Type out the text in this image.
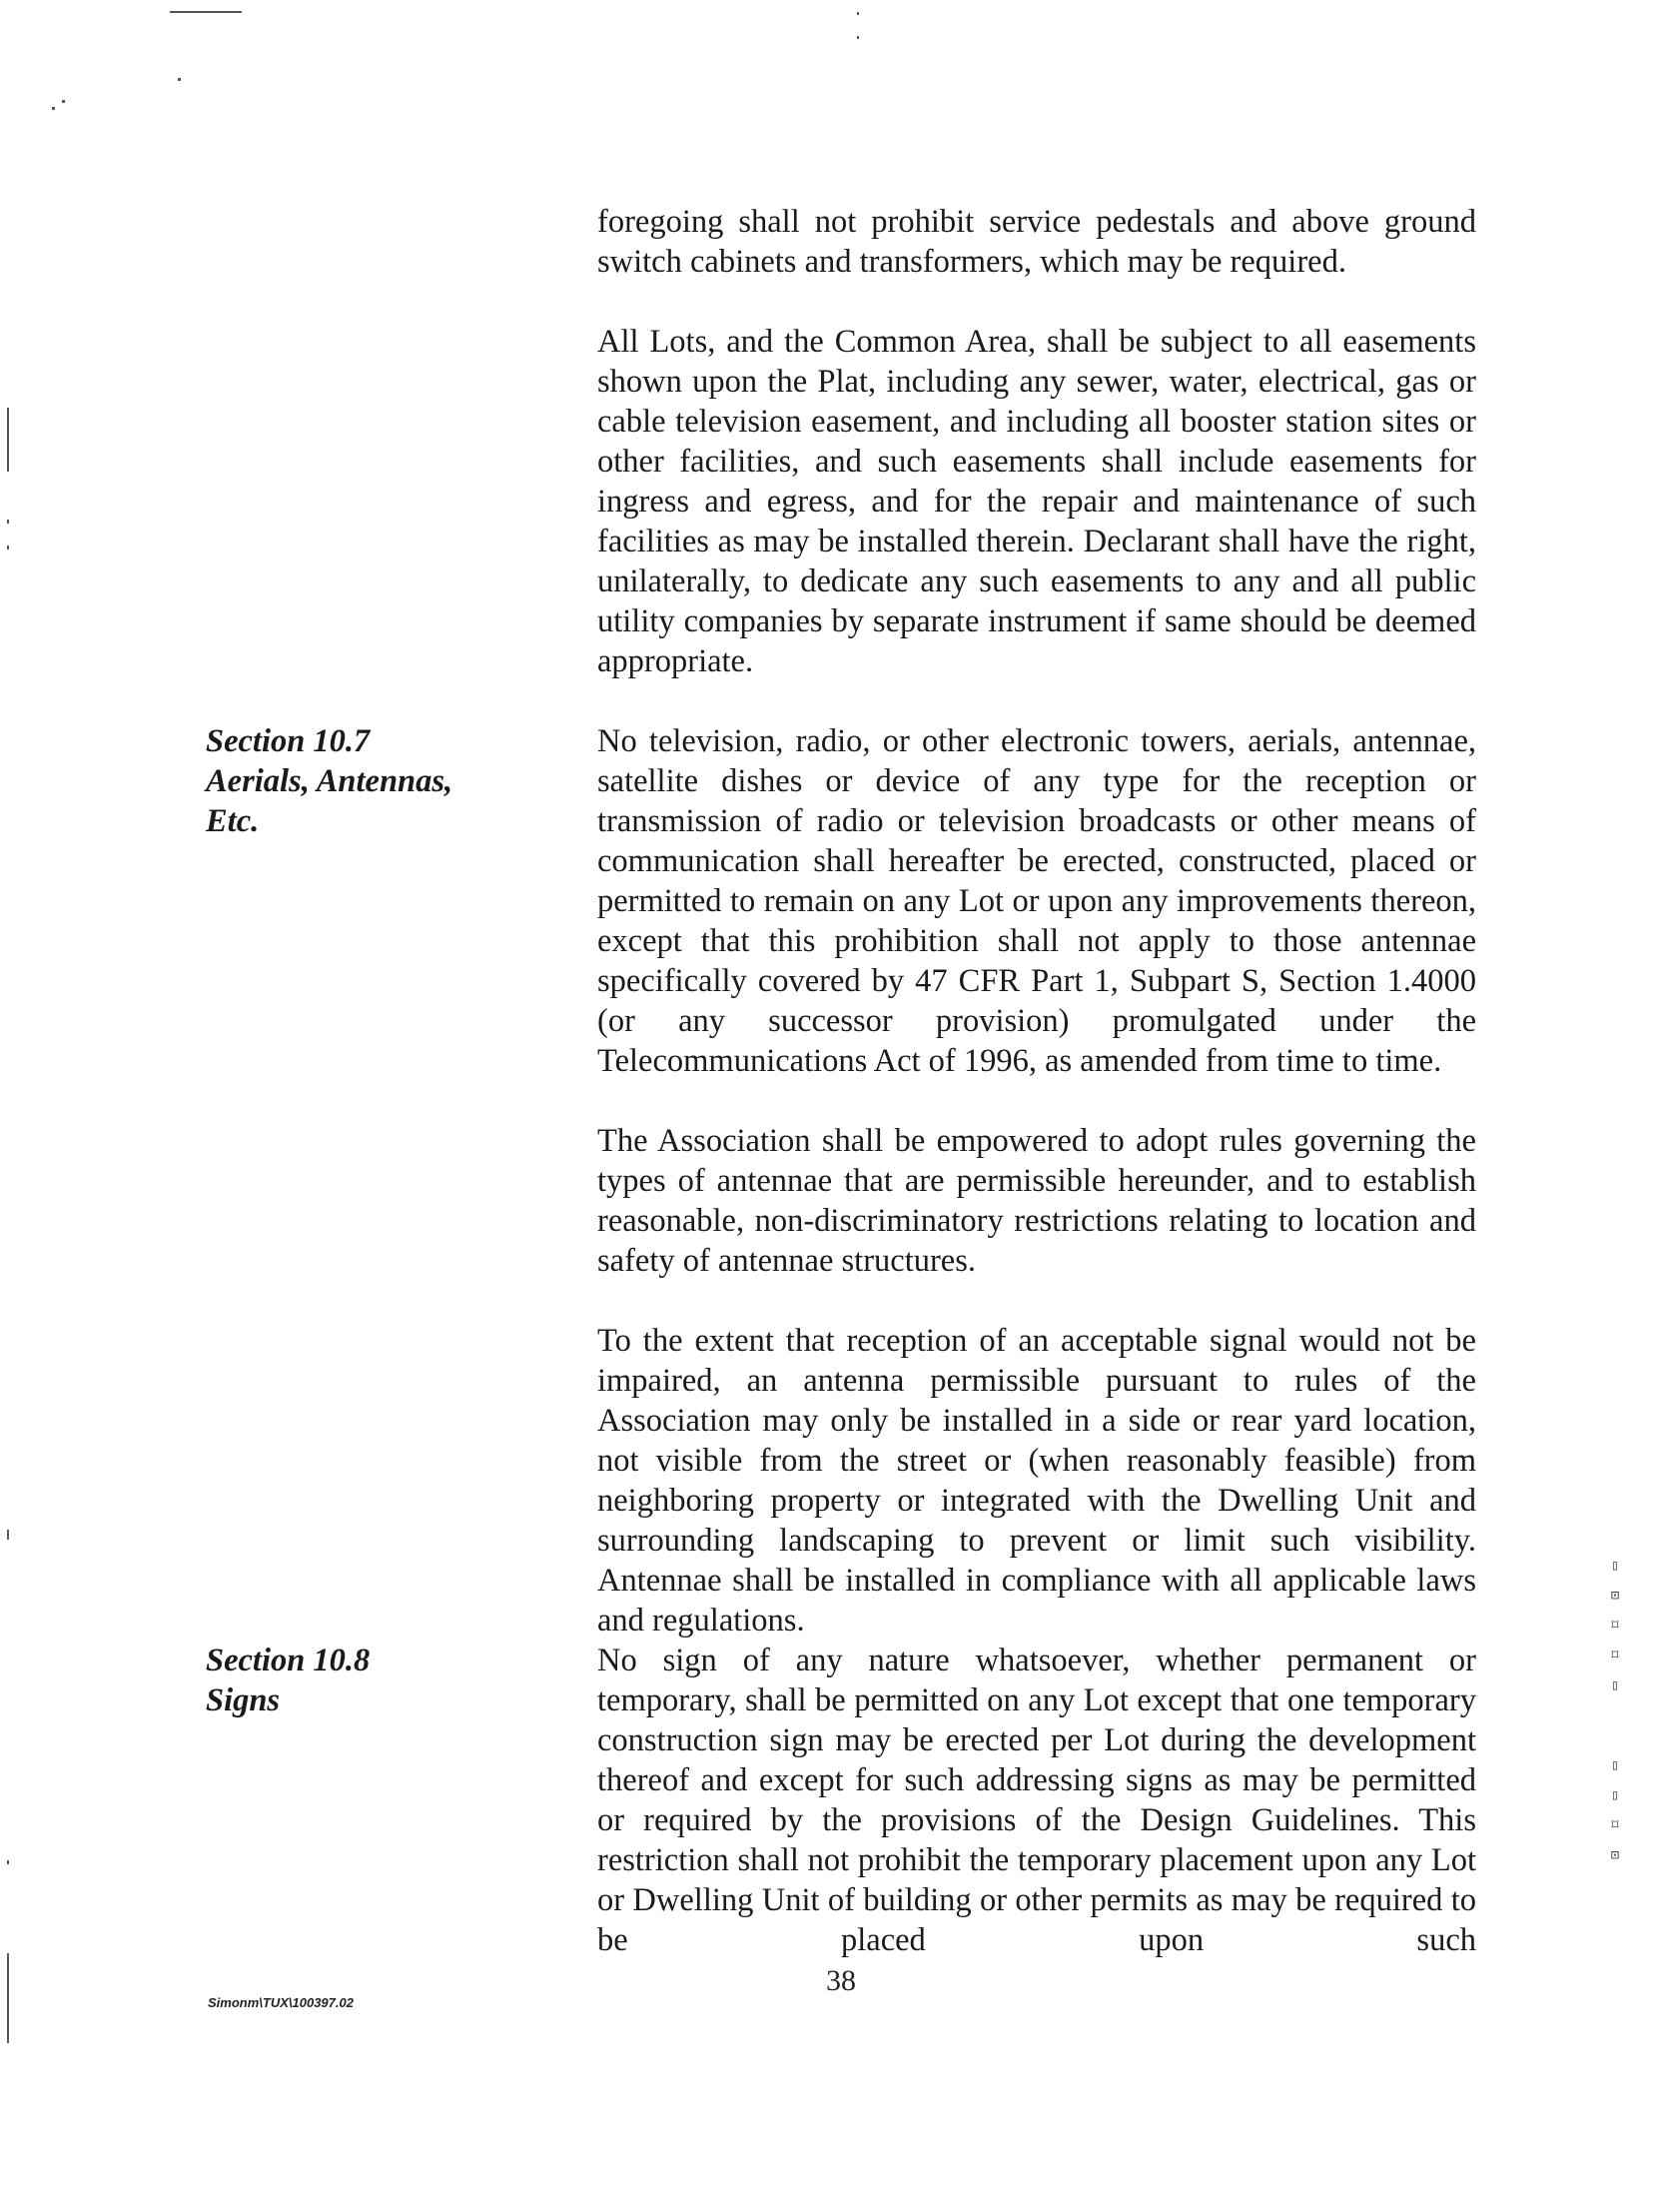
foregoing shall not prohibit service pedestals and above ground switch cabinets and transformers, which may be required.

All Lots, and the Common Area, shall be subject to all easements shown upon the Plat, including any sewer, water, electrical, gas or cable television easement, and including all booster station sites or other facilities, and such easements shall include easements for ingress and egress, and for the repair and maintenance of such facilities as may be installed therein. Declarant shall have the right, unilaterally, to dedicate any such easements to any and all public utility companies by separate instrument if same should be deemed appropriate.

Section 10.7
Aerials, Antennas,
Etc.

No television, radio, or other electronic towers, aerials, antennae, satellite dishes or device of any type for the reception or transmission of radio or television broadcasts or other means of communication shall hereafter be erected, constructed, placed or permitted to remain on any Lot or upon any improvements thereon, except that this prohibition shall not apply to those antennae specifically covered by 47 CFR Part 1, Subpart S, Section 1.4000 (or any successor provision) promulgated under the Telecommunications Act of 1996, as amended from time to time.

The Association shall be empowered to adopt rules governing the types of antennae that are permissible hereunder, and to establish reasonable, non-discriminatory restrictions relating to location and safety of antennae structures.

To the extent that reception of an acceptable signal would not be impaired, an antenna permissible pursuant to rules of the Association may only be installed in a side or rear yard location, not visible from the street or (when reasonably feasible) from neighboring property or integrated with the Dwelling Unit and surrounding landscaping to prevent or limit such visibility. Antennae shall be installed in compliance with all applicable laws and regulations.

Section 10.8
Signs

No sign of any nature whatsoever, whether permanent or temporary, shall be permitted on any Lot except that one temporary construction sign may be erected per Lot during the development thereof and except for such addressing signs as may be permitted or required by the provisions of the Design Guidelines. This restriction shall not prohibit the temporary placement upon any Lot or Dwelling Unit of building or other permits as may be required to be placed upon such

▯
⊡
⌑
⌑
▯
▯
▯
⌑
⊡
Simonm\TUX\100397.02
38
